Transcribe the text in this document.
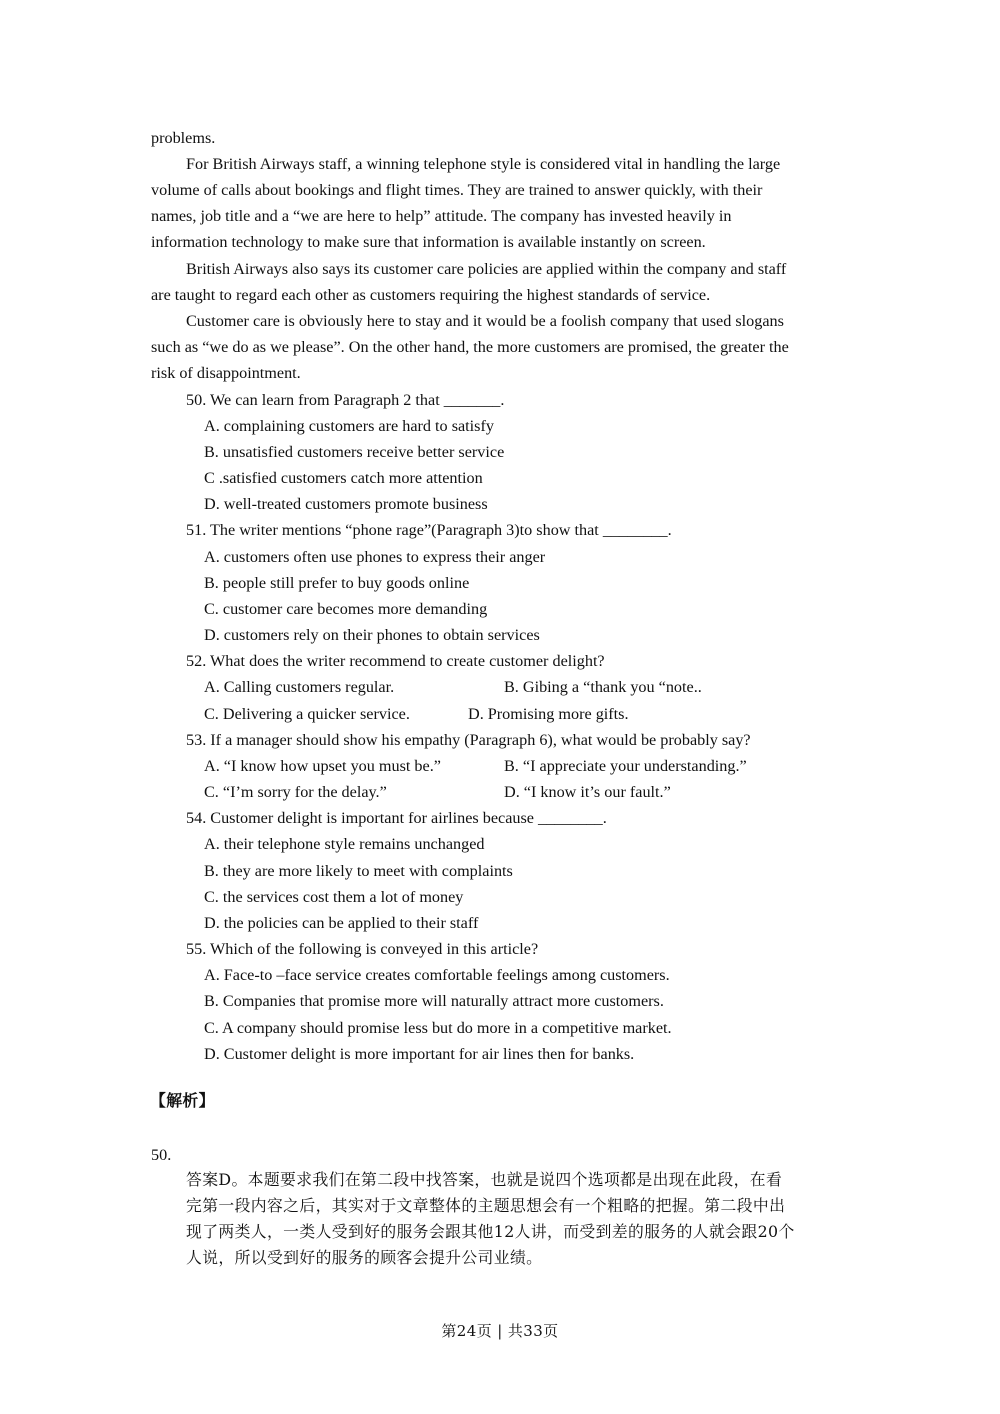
problems.
For British Airways staff, a winning telephone style is considered vital in handling the large
volume of calls about bookings and flight times. They are trained to answer quickly, with their
names, job title and a “we are here to help” attitude. The company has invested heavily in
information technology to make sure that information is available instantly on screen.
British Airways also says its customer care policies are applied within the company and staff
are taught to regard each other as customers requiring the highest standards of service.
Customer care is obviously here to stay and it would be a foolish company that used slogans
such as “we do as we please”. On the other hand, the more customers are promised, the greater the
risk of disappointment.
50. We can learn from Paragraph 2 that _______.
A. complaining customers are hard to satisfy
B. unsatisfied customers receive better service
C .satisfied customers catch more attention
D. well-treated customers promote business
51. The writer mentions “phone rage”(Paragraph 3)to show that ________.
A. customers often use phones to express their anger
B. people still prefer to buy goods online
C. customer care becomes more demanding
D. customers rely on their phones to obtain services
52. What does the writer recommend to create customer delight?
A. Calling customers regular.	B. Gibing a “thank you “note..
C. Delivering a quicker service.	D. Promising more gifts.
53. If a manager should show his empathy (Paragraph 6), what would be probably say?
A. “I know how upset you must be.”	B. “I appreciate your understanding.”
C. “I’m sorry for the delay.”	D. “I know it’s our fault.”
54. Customer delight is important for airlines because ________.
A. their telephone style remains unchanged
B. they are more likely to meet with complaints
C. the services cost them a lot of money
D. the policies can be applied to their staff
55. Which of the following is conveyed in this article?
A. Face-to –face service creates comfortable feelings among customers.
B. Companies that promise more will naturally attract more customers.
C. A company should promise less but do more in a competitive market.
D. Customer delight is more important for air lines then for banks.
【解析】
50.
答案D。本题要求我们在第二段中找答案，也就是说四个选项都是出现在此段，在看
完第一段内容之后，其实对于文章整体的主题思想会有一个粗略的把握。第二段中出
现了两类人，一类人受到好的服务会跟其他12人讲，而受到差的服务的人就会跟20个
人说，所以受到好的服务的顾客会提升公司业绩。
第24页 | 共33页
